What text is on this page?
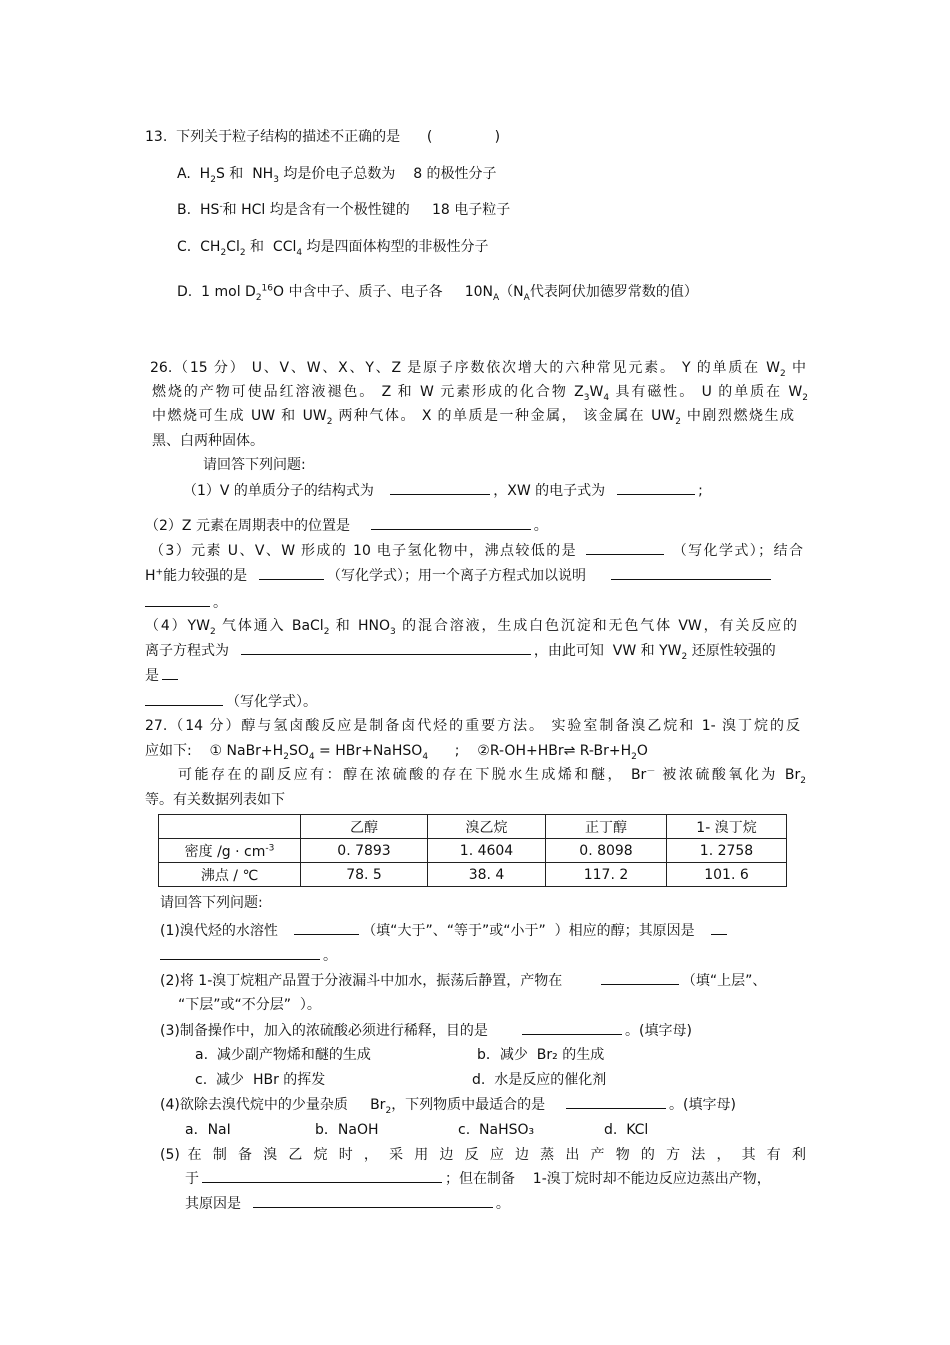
13.  下列关于粒子结构的描述不正确的是      (              )
A.  $H_2S$ 和  $NH_3$ 均是价电子总数为    8 的极性分子
B.  HS-和 HCl 均是含有一个极性键的     18 电子粒子
C.  $CH_2Cl_2$ 和  CCl$_4$ 均是四面体构型的非极性分子
D.  1 mol $D_2^{16}O$ 中含中子、质子、电子各     $10N_A(N_A$代表阿伏加德罗常数的值）
26.（15 分） U、V、W、X、Y、Z 是原子序数依次增大的六种常见元素。 Y 的单质在 $W_2$ 中
燃烧的产物可使品红溶液褪色。 Z 和 W 元素形成的化合物 $Z_3W_4$ 具有磁性。 U 的单质在 $W_2$
中燃烧可生成 UW 和 $UW_2$ 两种气体。 X 的单质是一种金属， 该金属在 $UW_2$ 中剧烈燃烧生成
黑、白两种固体。
请回答下列问题:
（1）V 的单质分子的结构式为	，XW 的电子式为	;
（2）Z 元素在周期表中的位置是	。
（3）元素 U、V、W 形成的 10 电子氢化物中，沸点较低的是	（写化学式）；结合
H+能力较强的是	（写化学式）；用一个离子方程式加以说明
。
$(4)YW_2$ 气体通入 BaCl$_2$ 和 $HNO_3$ 的混合溶液，生成白色沉淀和无色气体 VW，有关反应的
离子方程式为	，由此可知  VW 和 $YW_2$ 还原性较强的
是
（写化学式）。
27.（14 分）醇与氢卤酸反应是制备卤代烃的重要方法。 实验室制备溴乙烷和 1- 溴丁烷的反
应如下:    ① $NaBr+H_2SO_4$ = HBr+NaHSO$_4$      ;    ②R-OH+HBr⇌ $R-Br+H_2O$
可能存在的副反应有：醇在浓硫酸的存在下脱水生成烯和醚， Br－ 被浓硫酸氧化为 $Br_2$
等。有关数据列表如下
	乙醇	溴乙烷	正丁醇	1- 溴丁烷
密度 $/g \cdot cm^{-3}$	0. 7893	1. 4604	0. 8098	1. 2758
沸点 / ℃	78. 5	38. 4	117. 2	101. 6
请回答下列问题:
(1)溴代烃的水溶性	（填“大于”、“等于”或“小于”  ）相应的醇；其原因是
。
(2)将 1-溴丁烷粗产品置于分液漏斗中加水，振荡后静置，产物在	（填“上层”、
“下层”或“不分层”  ）。
(3)制备操作中，加入的浓硫酸必须进行稀释，目的是	。(填字母)
a.  减少副产物烯和醚的生成	b．减少  Br₂ 的生成
c.  减少  HBr 的挥发	d.  水是反应的催化剂
(4)欲除去溴代烷中的少量杂质     $Br_2$，下列物质中最适合的是	。(填字母)
a．NaI	b．NaOH	c.  NaHSO₃	d.  KCl
(5) 在 制 备 溴 乙 烷 时 ， 采 用 边 反 应 边 蒸 出 产 物 的 方 法 ， 其 有 利
于	；但在制备    1-溴丁烷时却不能边反应边蒸出产物，
其原因是	。
